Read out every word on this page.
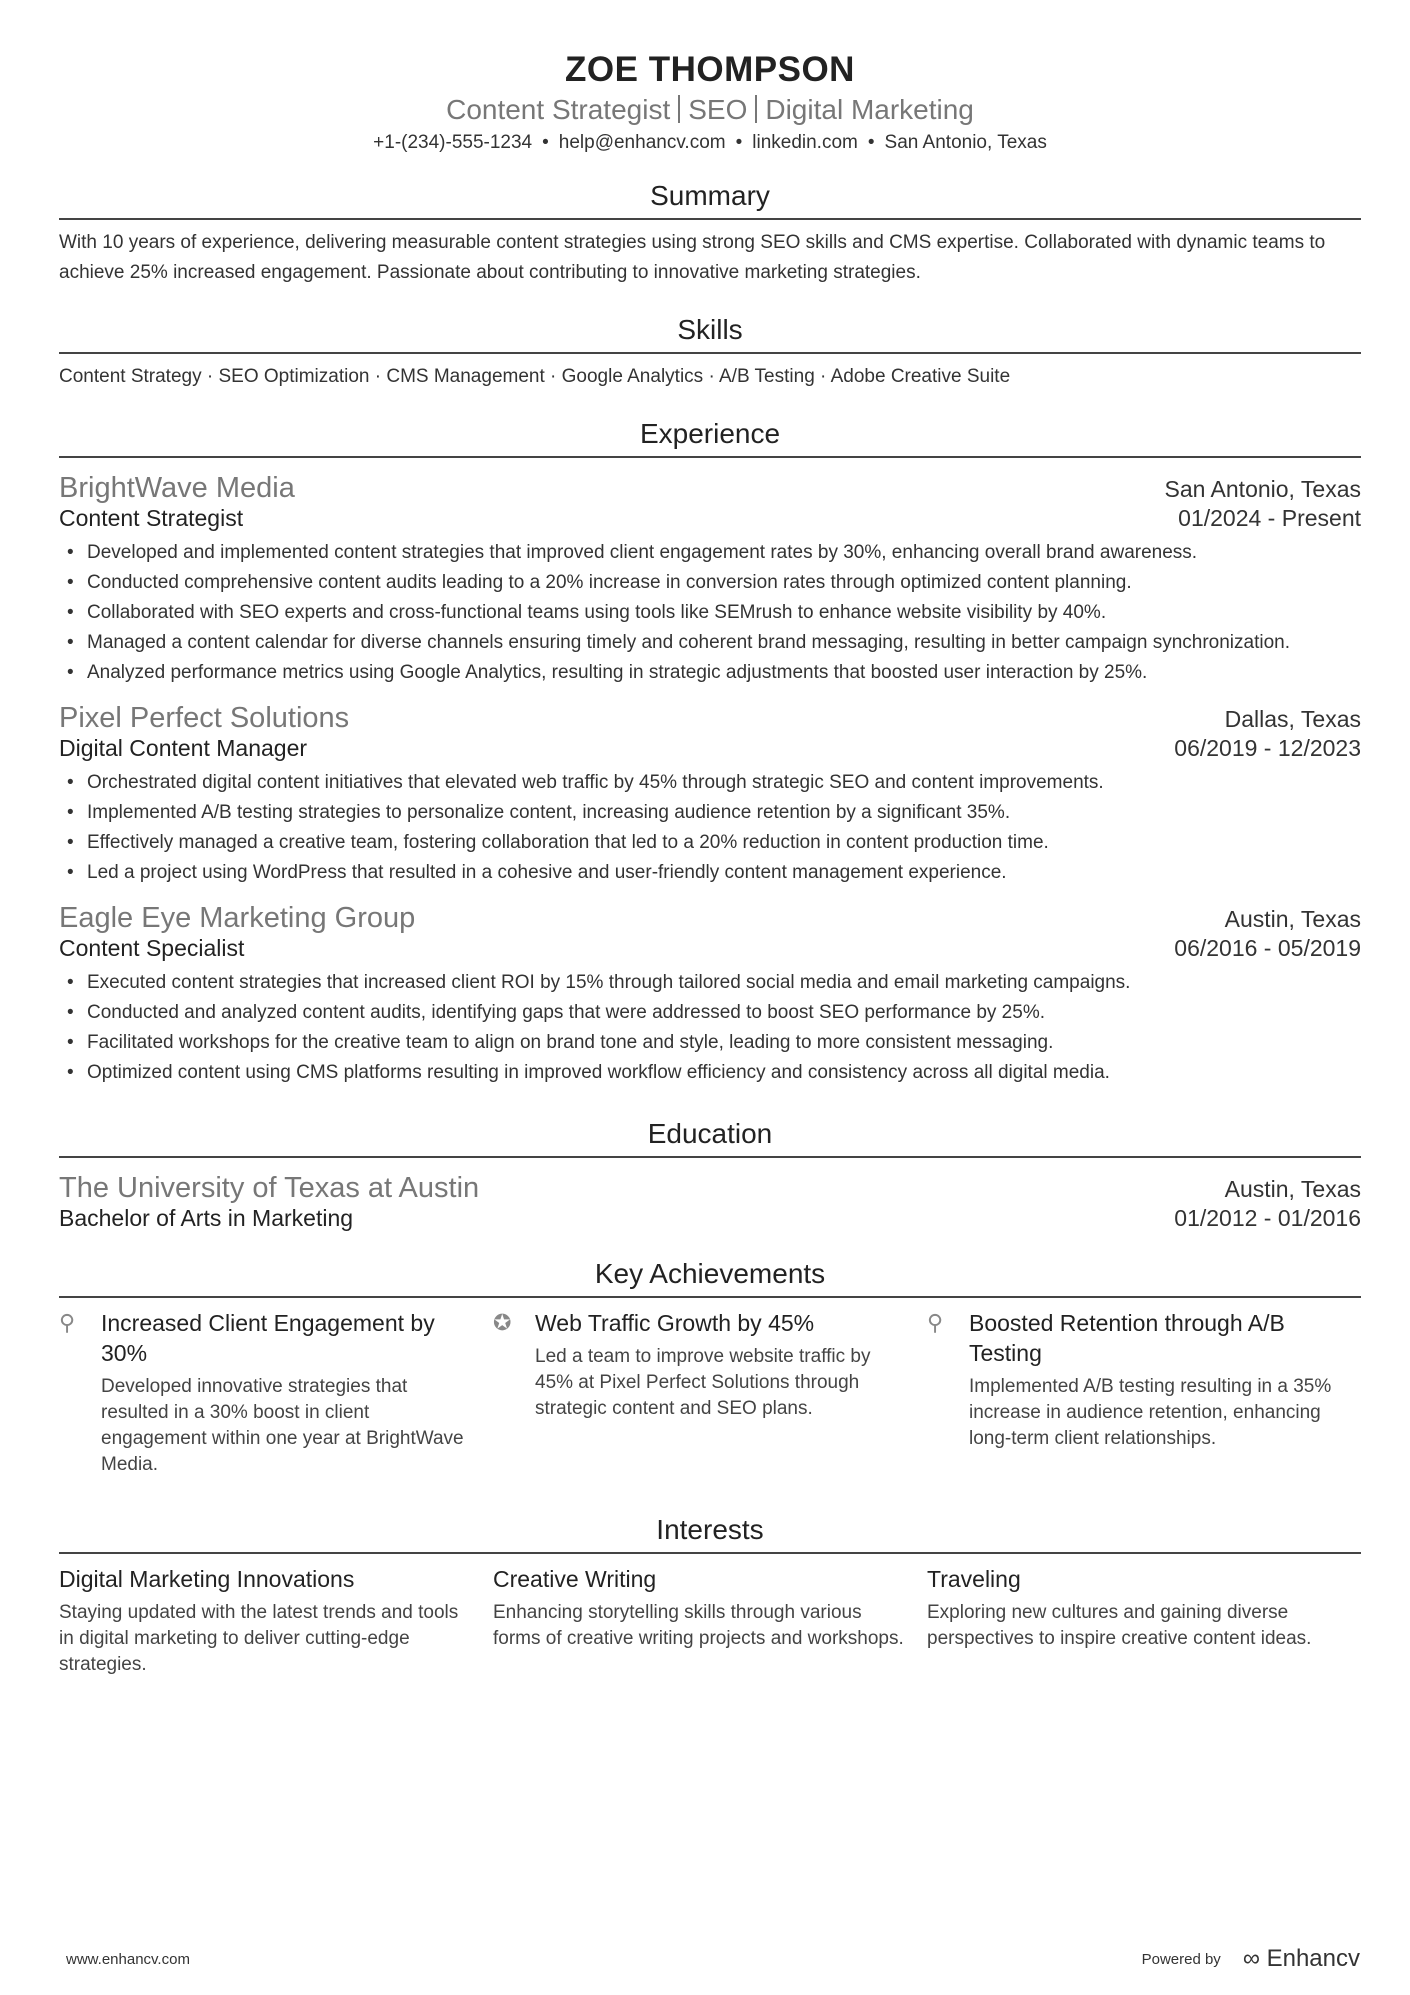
ZOE THOMPSON
Content Strategist SEO Digital Marketing
+1-(234)-555-1234 • help@enhancv.com • linkedin.com • San Antonio, Texas
Summary
With 10 years of experience, delivering measurable content strategies using strong SEO skills and CMS expertise. Collaborated with dynamic teams to achieve 25% increased engagement. Passionate about contributing to innovative marketing strategies.
Skills
Content Strategy · SEO Optimization · CMS Management · Google Analytics · A/B Testing · Adobe Creative Suite
Experience
BrightWave Media	San Antonio, Texas
Content Strategist	01/2024 - Present
• Developed and implemented content strategies that improved client engagement rates by 30%, enhancing overall brand awareness.
• Conducted comprehensive content audits leading to a 20% increase in conversion rates through optimized content planning.
• Collaborated with SEO experts and cross-functional teams using tools like SEMrush to enhance website visibility by 40%.
• Managed a content calendar for diverse channels ensuring timely and coherent brand messaging, resulting in better campaign synchronization.
• Analyzed performance metrics using Google Analytics, resulting in strategic adjustments that boosted user interaction by 25%.
Pixel Perfect Solutions	Dallas, Texas
Digital Content Manager	06/2019 - 12/2023
• Orchestrated digital content initiatives that elevated web traffic by 45% through strategic SEO and content improvements.
• Implemented A/B testing strategies to personalize content, increasing audience retention by a significant 35%.
• Effectively managed a creative team, fostering collaboration that led to a 20% reduction in content production time.
• Led a project using WordPress that resulted in a cohesive and user-friendly content management experience.
Eagle Eye Marketing Group	Austin, Texas
Content Specialist	06/2016 - 05/2019
• Executed content strategies that increased client ROI by 15% through tailored social media and email marketing campaigns.
• Conducted and analyzed content audits, identifying gaps that were addressed to boost SEO performance by 25%.
• Facilitated workshops for the creative team to align on brand tone and style, leading to more consistent messaging.
• Optimized content using CMS platforms resulting in improved workflow efficiency and consistency across all digital media.
Education
The University of Texas at Austin	Austin, Texas
Bachelor of Arts in Marketing	01/2012 - 01/2016
Key Achievements
⚲	Increased Client Engagement by 30%
Developed innovative strategies that resulted in a 30% boost in client engagement within one year at BrightWave Media.
✪	Web Traffic Growth by 45%
Led a team to improve website traffic by 45% at Pixel Perfect Solutions through strategic content and SEO plans.
⚲	Boosted Retention through A/B Testing
Implemented A/B testing resulting in a 35% increase in audience retention, enhancing long-term client relationships.
Interests
Digital Marketing Innovations
Staying updated with the latest trends and tools in digital marketing to deliver cutting-edge strategies.
Creative Writing
Enhancing storytelling skills through various forms of creative writing projects and workshops.
Traveling
Exploring new cultures and gaining diverse perspectives to inspire creative content ideas.
www.enhancv.com	Powered by ∞ Enhancv
